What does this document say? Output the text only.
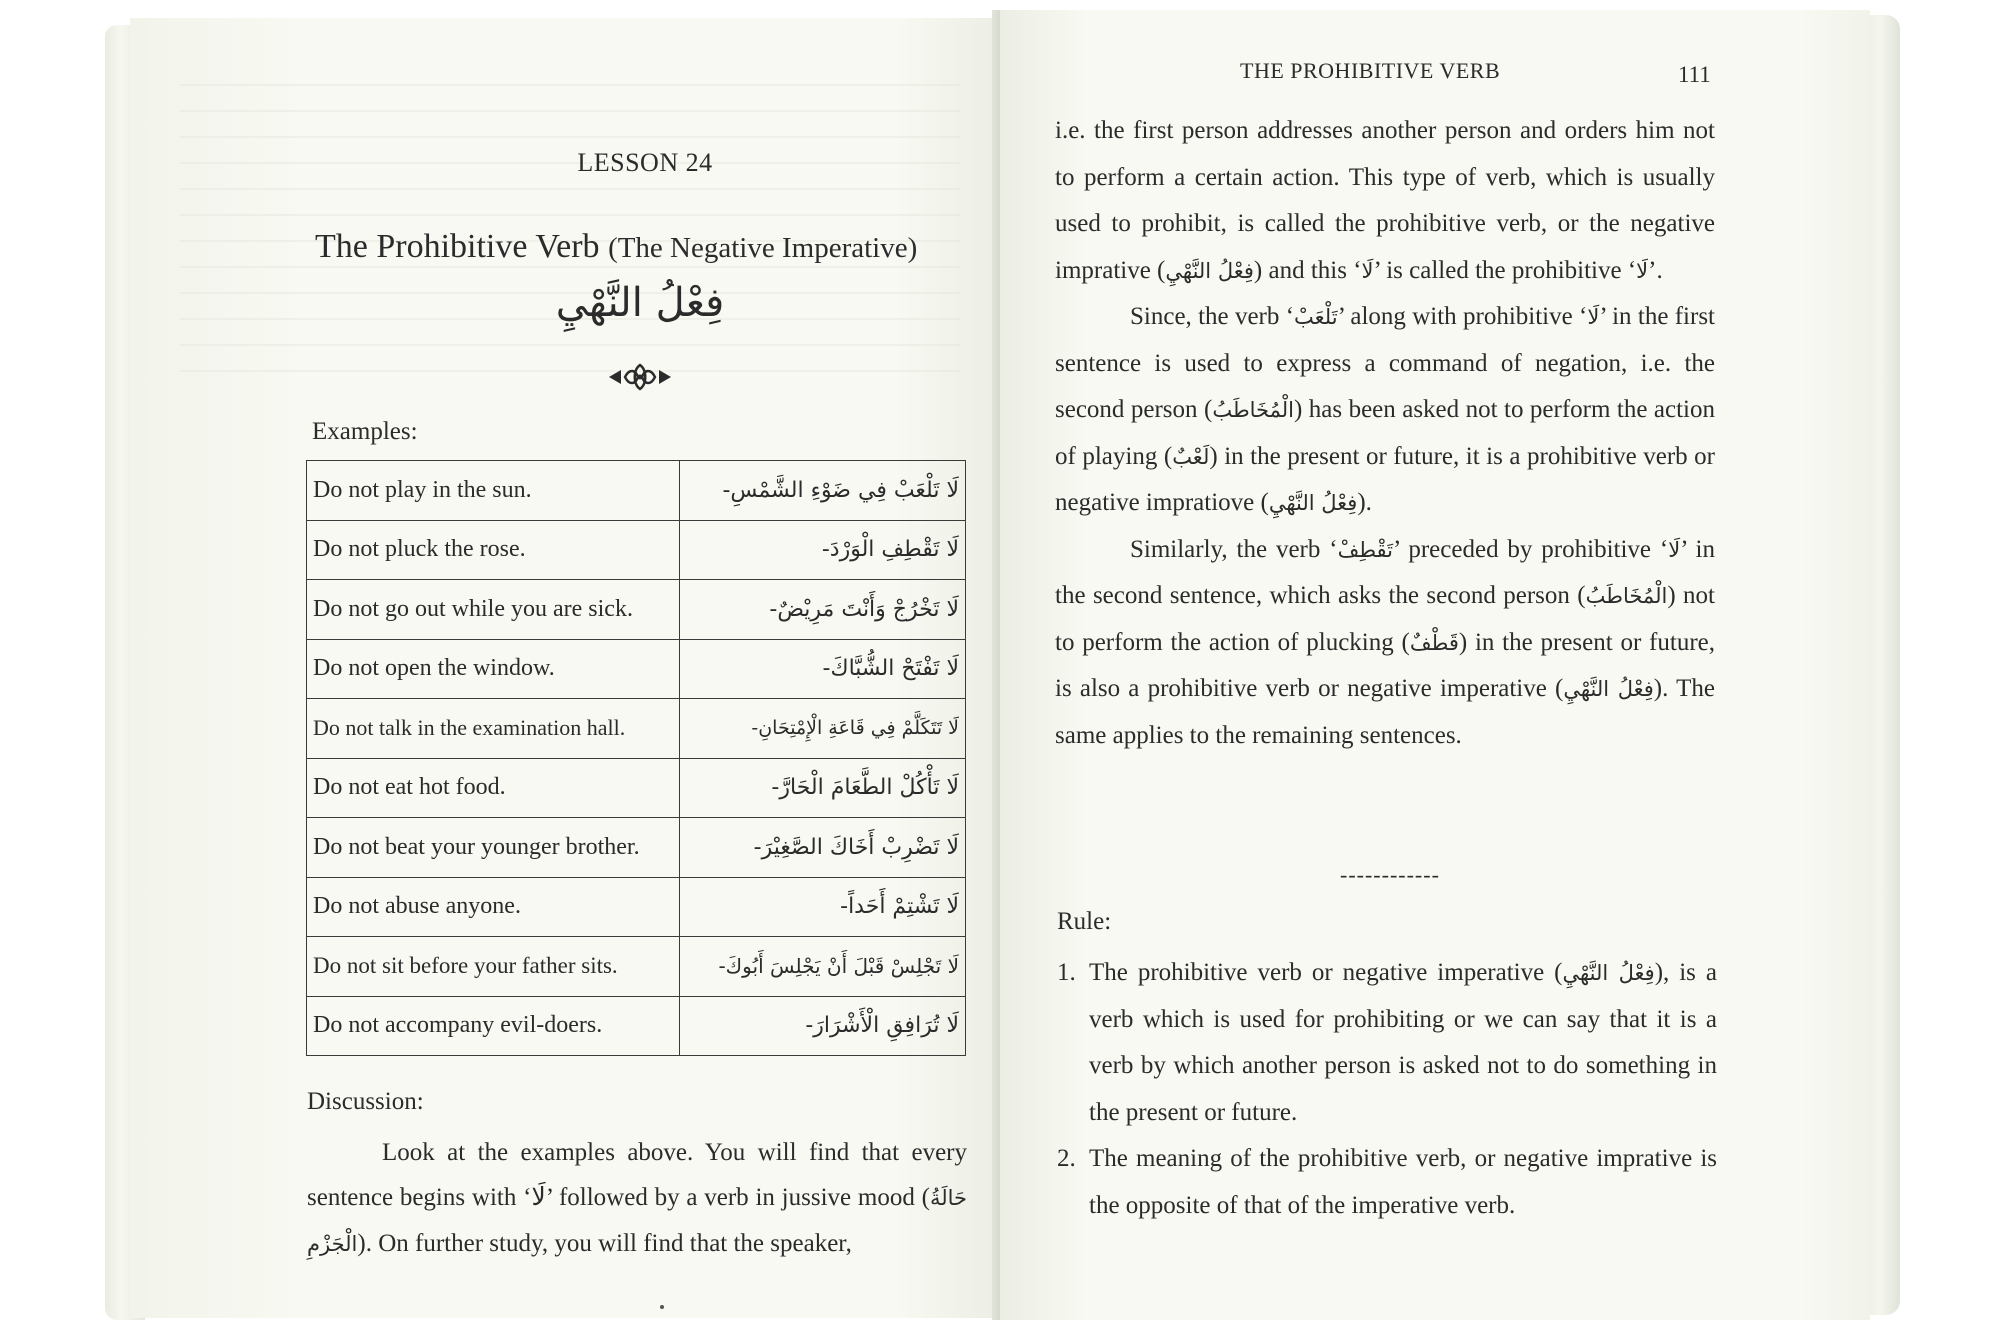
LESSON 24
The Prohibitive Verb (The Negative Imperative)
فِعْلُ النَّهْيِ
Examples:
Do not play in the sun.	لَا تَلْعَبْ فِي ضَوْءِ الشَّمْسِ-
Do not pluck the rose.	لَا تَقْطِفِ الْوَرْدَ-
Do not go out while you are sick.	لَا تَخْرُجْ وَأَنْتَ مَرِيْضٌ-
Do not open the window.	لَا تَفْتَحْ الشُّبَّاكَ-
Do not talk in the examination hall.	لَا تَتَكَلَّمْ فِي قَاعَةِ الْإِمْتِحَانِ-
Do not eat hot food.	لَا تَأْكُلْ الطَّعَامَ الْحَارَّ-
Do not beat your younger brother.	لَا تَضْرِبْ أَخَاكَ الصَّغِيْرَ-
Do not abuse anyone.	لَا تَشْتِمْ أَحَداً-
Do not sit before your father sits.	لَا تَجْلِسْ قَبْلَ أَنْ يَجْلِسَ أَبُوكَ-
Do not accompany evil-doers.	لَا تُرَافِقِ الْأَشْرَارَ-
Discussion:
Look at the examples above. You will find that every sentence begins with ‘لَا’ followed by a verb in jussive mood (حَالَةُ الْجَزْمِ). On further study, you will find that the speaker,
THE PROHIBITIVE VERB	111

i.e. the first person addresses another person and orders him not to perform a certain action. This type of verb, which is usually used to prohibit, is called the prohibitive verb, or the negative imprative (فِعْلُ النَّهْيِ) and this ‘لَا’ is called the prohibitive ‘لَا’.

Since, the verb ‘تَلْعَبْ’ along with prohibitive ‘لَا’ in the first sentence is used to express a command of negation, i.e. the second person (الْمُخَاطَبُ) has been asked not to perform the action of playing (لَعْبٌ) in the present or future, it is a prohibitive verb or negative impratiove (فِعْلُ النَّهْيِ).

Similarly, the verb ‘تَقْطِفْ’ preceded by prohibitive ‘لَا’ in the second sentence, which asks the second person (الْمُخَاطَبُ) not to perform the action of plucking (قَطْفٌ) in the present or future, is also a prohibitive verb or negative imperative (فِعْلُ النَّهْيِ). The same applies to the remaining sentences.

------------
Rule:
1. The prohibitive verb or negative imperative (فِعْلُ النَّهْيِ), is a verb which is used for prohibiting or we can say that it is a verb by which another person is asked not to do something in the present or future.
2. The meaning of the prohibitive verb, or negative imprative is the opposite of that of the imperative verb.
